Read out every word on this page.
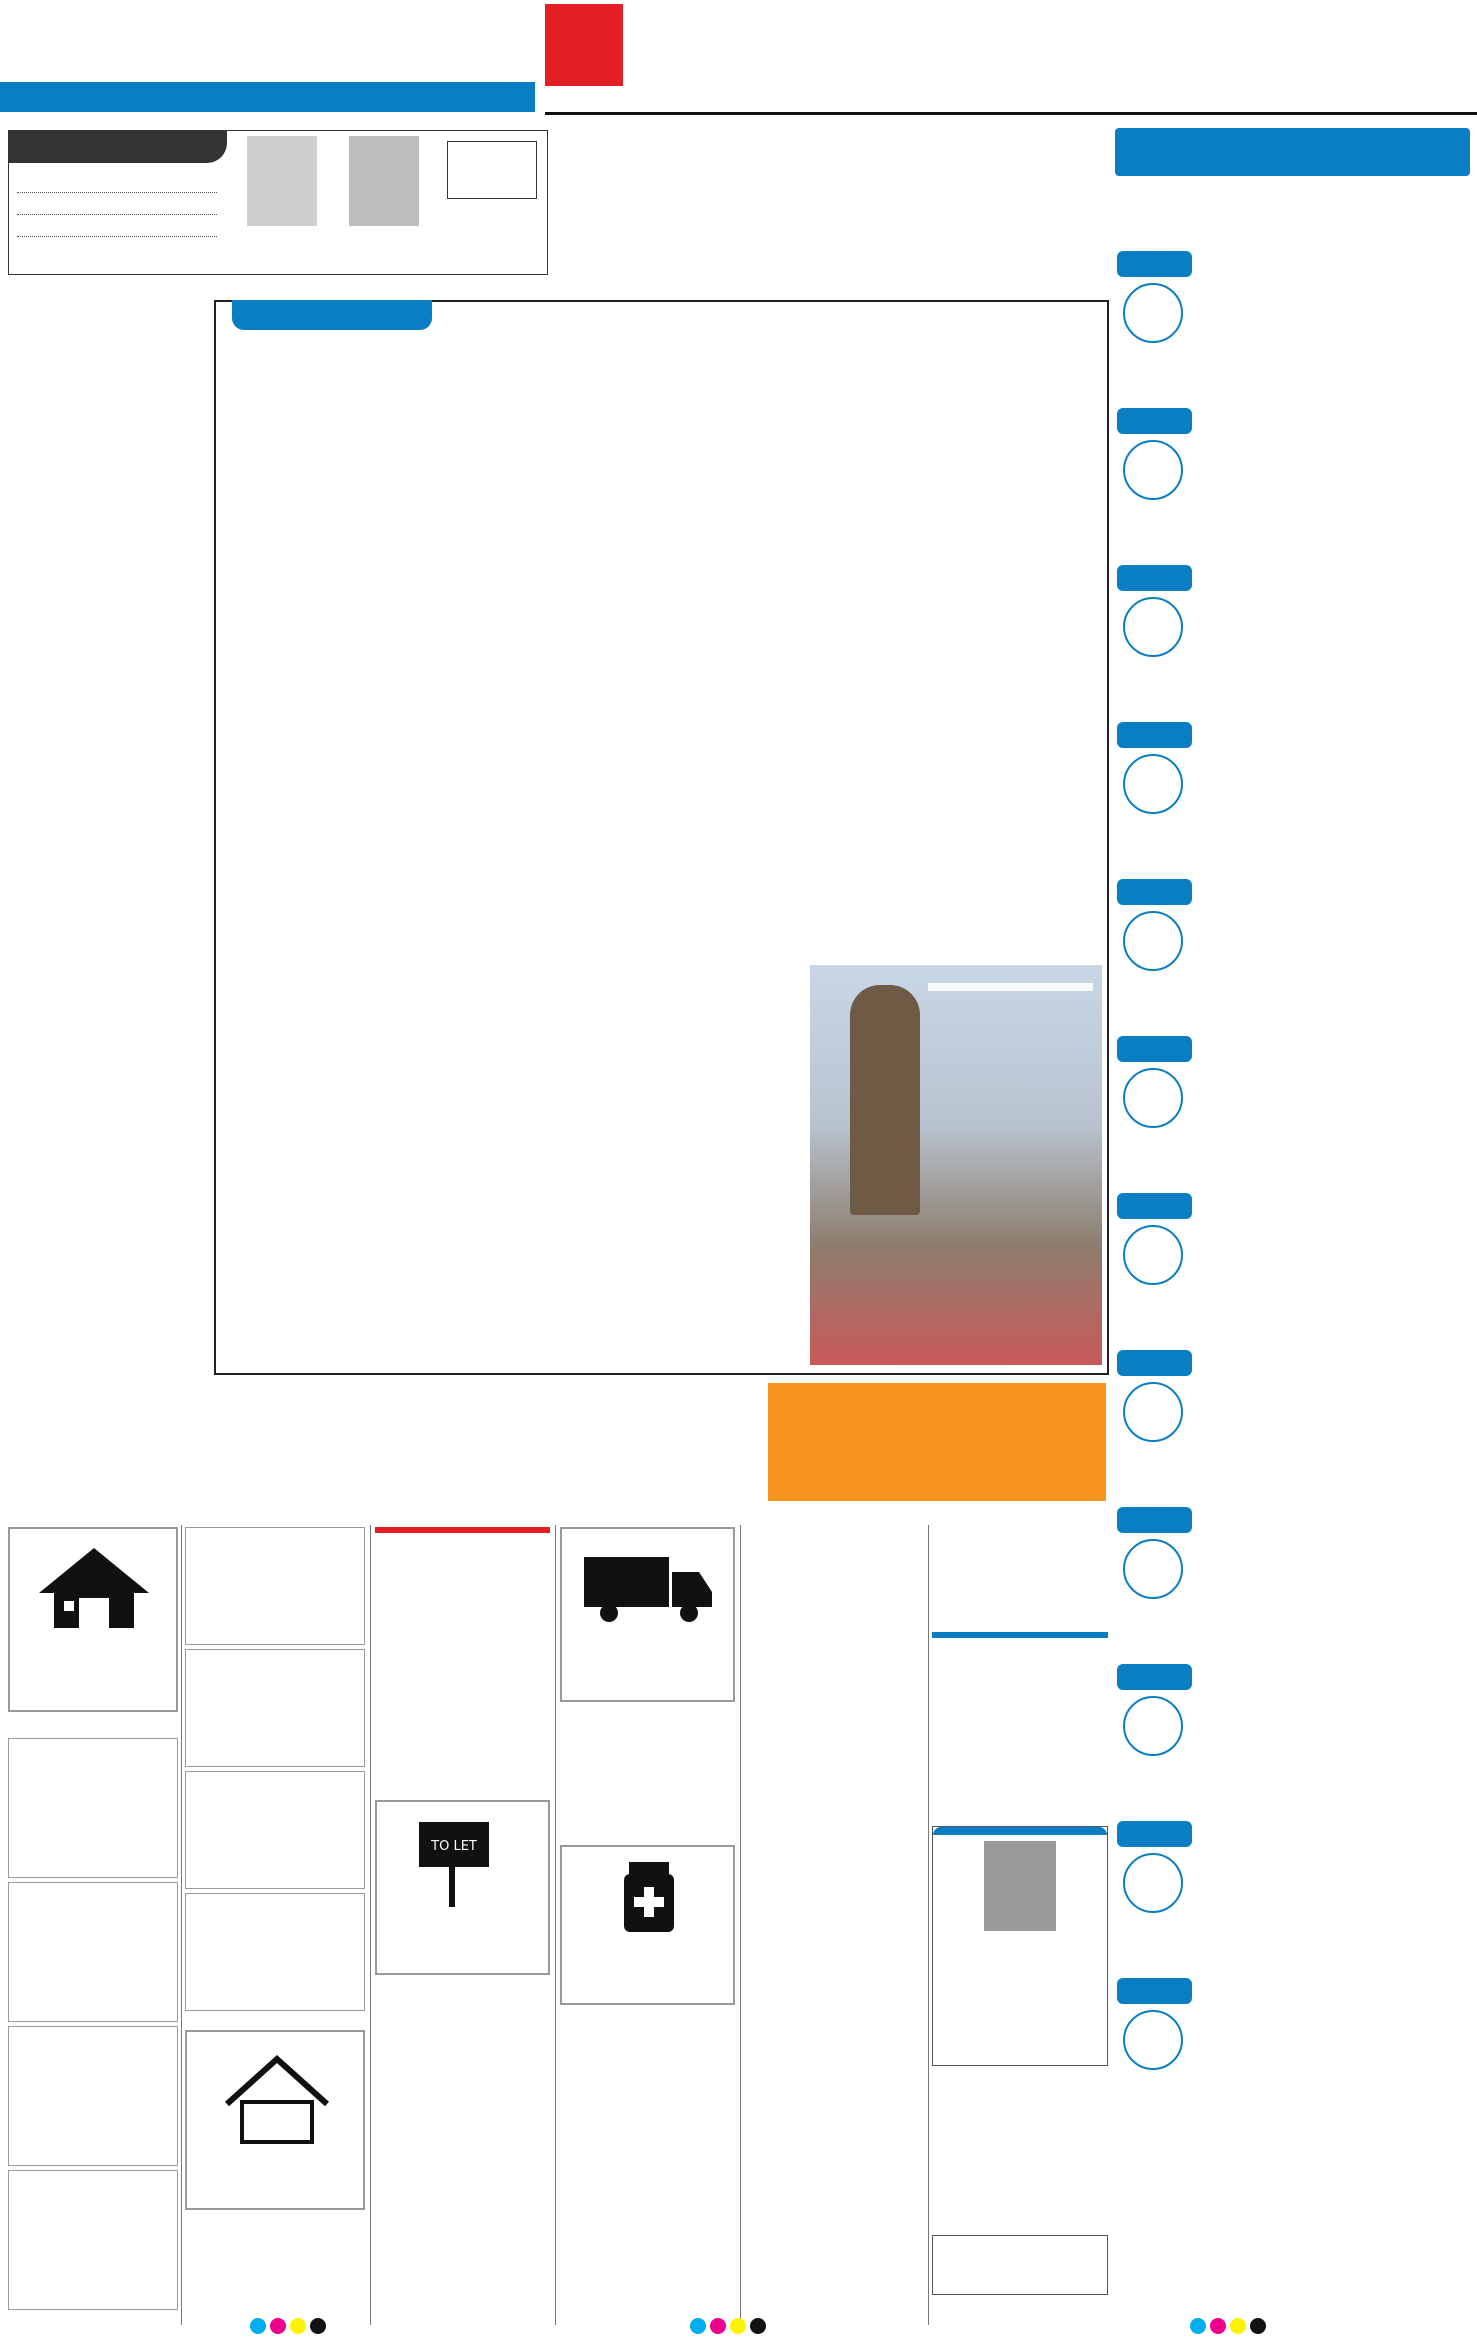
TO LET
